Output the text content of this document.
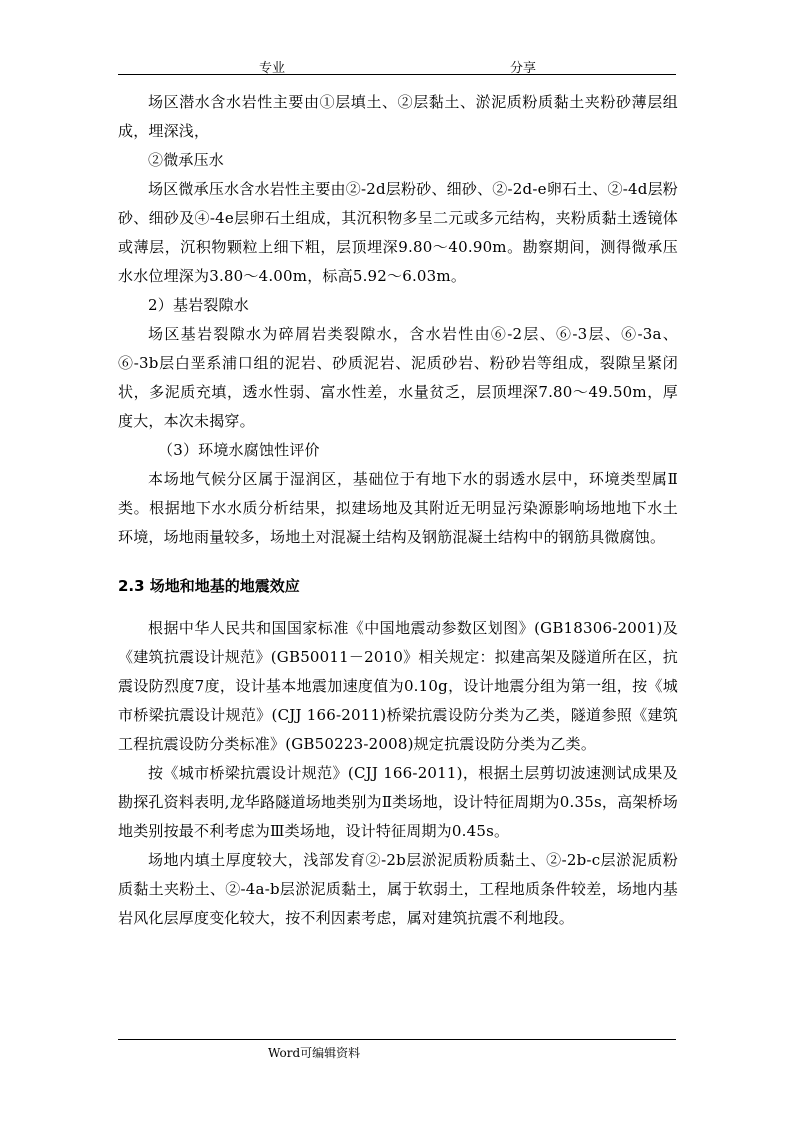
专业	分享

场区潜水含水岩性主要由①层填土、②层黏土、淤泥质粉质黏土夹粉砂薄层组成，埋深浅，

②微承压水

场区微承压水含水岩性主要由②-2d层粉砂、细砂、②-2d-e卵石土、②-4d层粉砂、细砂及④-4e层卵石土组成，其沉积物多呈二元或多元结构，夹粉质黏土透镜体或薄层，沉积物颗粒上细下粗，层顶埋深9.80～40.90m。勘察期间，测得微承压水水位埋深为3.80～4.00m，标高5.92～6.03m。

2）基岩裂隙水

场区基岩裂隙水为碎屑岩类裂隙水，含水岩性由⑥-2层、⑥-3层、⑥-3a、⑥-3b层白垩系浦口组的泥岩、砂质泥岩、泥质砂岩、粉砂岩等组成，裂隙呈紧闭状，多泥质充填，透水性弱、富水性差，水量贫乏，层顶埋深7.80～49.50m，厚度大，本次未揭穿。

（3）环境水腐蚀性评价

本场地气候分区属于湿润区，基础位于有地下水的弱透水层中，环境类型属Ⅱ类。根据地下水水质分析结果，拟建场地及其附近无明显污染源影响场地地下水土环境，场地雨量较多，场地土对混凝土结构及钢筋混凝土结构中的钢筋具微腐蚀。

2.3 场地和地基的地震效应

根据中华人民共和国国家标准《中国地震动参数区划图》(GB18306-2001)及《建筑抗震设计规范》(GB50011－2010》相关规定：拟建高架及隧道所在区，抗震设防烈度7度，设计基本地震加速度值为0.10g，设计地震分组为第一组，按《城市桥梁抗震设计规范》(CJJ 166-2011)桥梁抗震设防分类为乙类，隧道参照《建筑工程抗震设防分类标准》(GB50223-2008)规定抗震设防分类为乙类。

按《城市桥梁抗震设计规范》(CJJ 166-2011)，根据土层剪切波速测试成果及勘探孔资料表明,龙华路隧道场地类别为Ⅱ类场地，设计特征周期为0.35s，高架桥场地类别按最不利考虑为Ⅲ类场地，设计特征周期为0.45s。

场地内填土厚度较大，浅部发育②-2b层淤泥质粉质黏土、②-2b-c层淤泥质粉质黏土夹粉土、②-4a-b层淤泥质黏土，属于软弱土，工程地质条件较差，场地内基岩风化层厚度变化较大，按不利因素考虑，属对建筑抗震不利地段。

Word可编辑资料
